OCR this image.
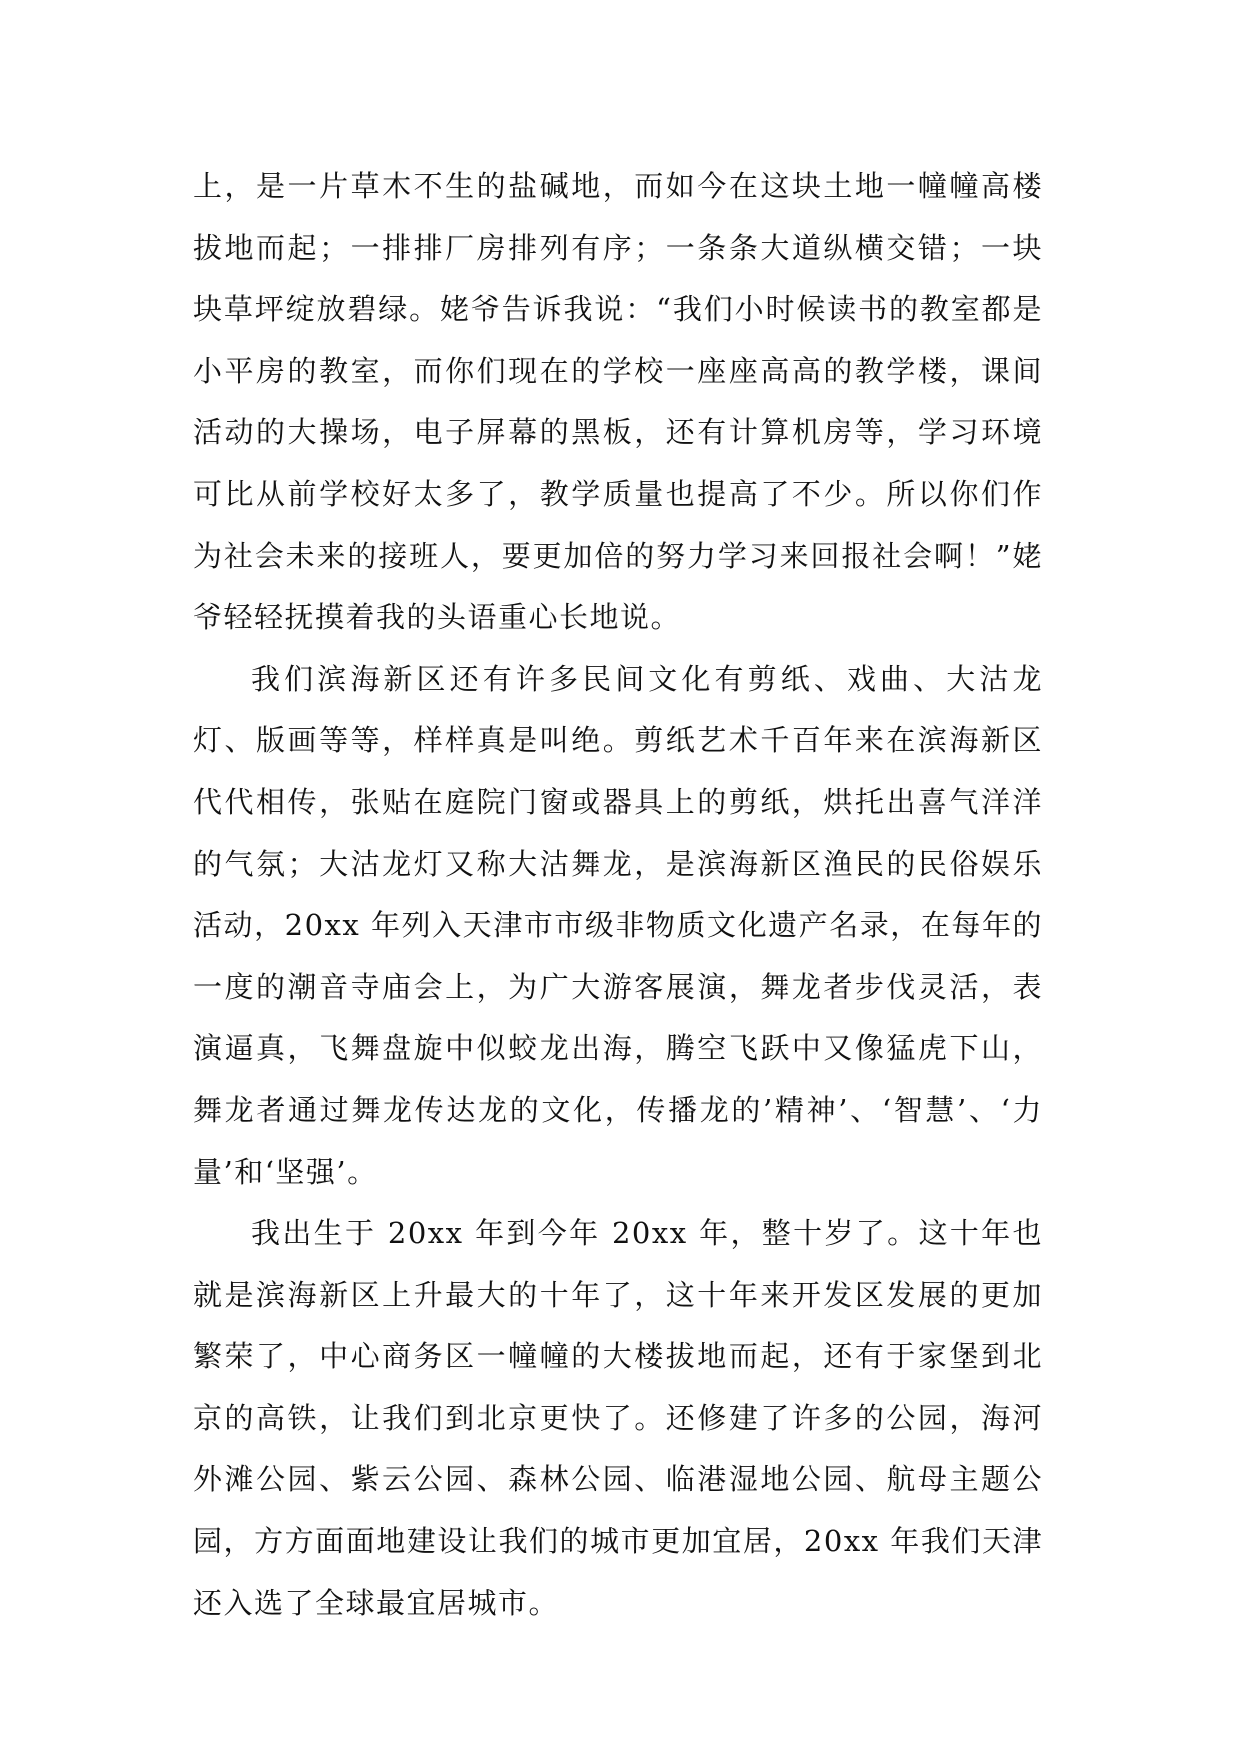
上，是一片草木不生的盐碱地，而如今在这块土地一幢幢高楼拔地而起；一排排厂房排列有序；一条条大道纵横交错；一块块草坪绽放碧绿。姥爷告诉我说：“我们小时候读书的教室都是小平房的教室，而你们现在的学校一座座高高的教学楼，课间活动的大操场，电子屏幕的黑板，还有计算机房等，学习环境可比从前学校好太多了，教学质量也提高了不少。所以你们作为社会未来的接班人，要更加倍的努力学习来回报社会啊！”姥爷轻轻抚摸着我的头语重心长地说。

我们滨海新区还有许多民间文化有剪纸、戏曲、大沽龙灯、版画等等，样样真是叫绝。剪纸艺术千百年来在滨海新区代代相传，张贴在庭院门窗或器具上的剪纸，烘托出喜气洋洋的气氛；大沽龙灯又称大沽舞龙，是滨海新区渔民的民俗娱乐活动，20xx 年列入天津市市级非物质文化遗产名录，在每年的一度的潮音寺庙会上，为广大游客展演，舞龙者步伐灵活，表演逼真，飞舞盘旋中似蛟龙出海，腾空飞跃中又像猛虎下山，舞龙者通过舞龙传达龙的文化，传播龙的’精神’、‘智慧’、‘力量’和‘坚强’。

我出生于 20xx 年到今年 20xx 年，整十岁了。这十年也就是滨海新区上升最大的十年了，这十年来开发区发展的更加繁荣了，中心商务区一幢幢的大楼拔地而起，还有于家堡到北京的高铁，让我们到北京更快了。还修建了许多的公园，海河外滩公园、紫云公园、森林公园、临港湿地公园、航母主题公园，方方面面地建设让我们的城市更加宜居，20xx 年我们天津还入选了全球最宜居城市。
